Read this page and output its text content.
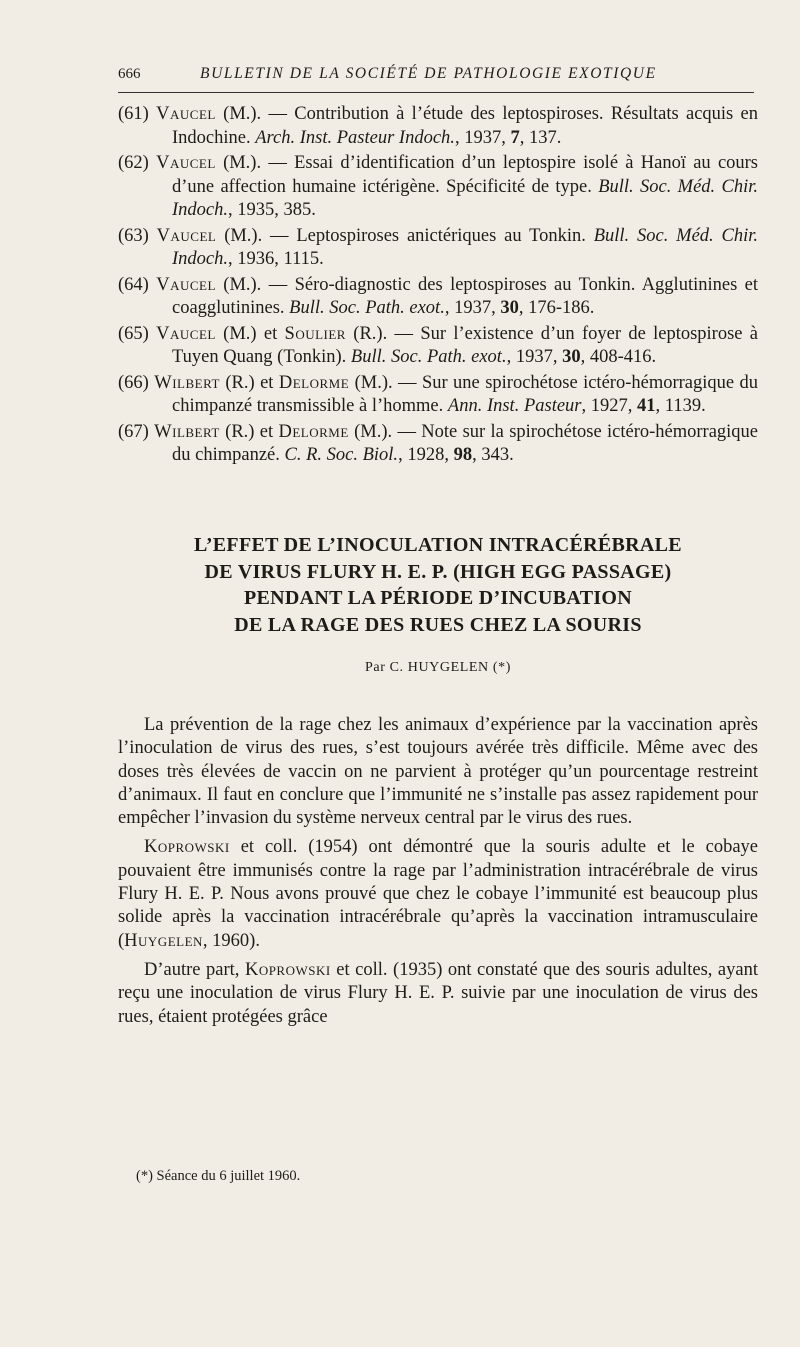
666	BULLETIN DE LA SOCIÉTÉ DE PATHOLOGIE EXOTIQUE
(61) Vaucel (M.). — Contribution à l’étude des leptospiroses. Résultats acquis en Indochine. Arch. Inst. Pasteur Indoch., 1937, 7, 137.
(62) Vaucel (M.). — Essai d’identification d’un leptospire isolé à Hanoï au cours d’une affection humaine ictérigène. Spécificité de type. Bull. Soc. Méd. Chir. Indoch., 1935, 385.
(63) Vaucel (M.). — Leptospiroses anictériques au Tonkin. Bull. Soc. Méd. Chir. Indoch., 1936, 1115.
(64) Vaucel (M.). — Séro-diagnostic des leptospiroses au Tonkin. Agglutinines et coagglutinines. Bull. Soc. Path. exot., 1937, 30, 176-186.
(65) Vaucel (M.) et Soulier (R.). — Sur l’existence d’un foyer de leptospirose à Tuyen Quang (Tonkin). Bull. Soc. Path. exot., 1937, 30, 408-416.
(66) Wilbert (R.) et Delorme (M.). — Sur une spirochétose ictéro-hémorragique du chimpanzé transmissible à l’homme. Ann. Inst. Pasteur, 1927, 41, 1139.
(67) Wilbert (R.) et Delorme (M.). — Note sur la spirochétose ictéro-hémorragique du chimpanzé. C. R. Soc. Biol., 1928, 98, 343.
L’EFFET DE L’INOCULATION INTRACÉRÉBRALE
DE VIRUS FLURY H. E. P. (HIGH EGG PASSAGE)
PENDANT LA PÉRIODE D’INCUBATION
DE LA RAGE DES RUES CHEZ LA SOURIS
Par C. HUYGELEN (*)

La prévention de la rage chez les animaux d’expérience par la vaccination après l’inoculation de virus des rues, s’est toujours avérée très difficile. Même avec des doses très élevées de vaccin on ne parvient à protéger qu’un pourcentage restreint d’animaux. Il faut en conclure que l’immunité ne s’installe pas assez rapidement pour empêcher l’invasion du système nerveux central par le virus des rues.

Koprowski et coll. (1954) ont démontré que la souris adulte et le cobaye pouvaient être immunisés contre la rage par l’administration intracérébrale de virus Flury H. E. P. Nous avons prouvé que chez le cobaye l’immunité est beaucoup plus solide après la vaccination intracérébrale qu’après la vaccination intramusculaire (Huygelen, 1960).

D’autre part, Koprowski et coll. (1935) ont constaté que des souris adultes, ayant reçu une inoculation de virus Flury H. E. P. suivie par une inoculation de virus des rues, étaient protégées grâce

(*) Séance du 6 juillet 1960.
